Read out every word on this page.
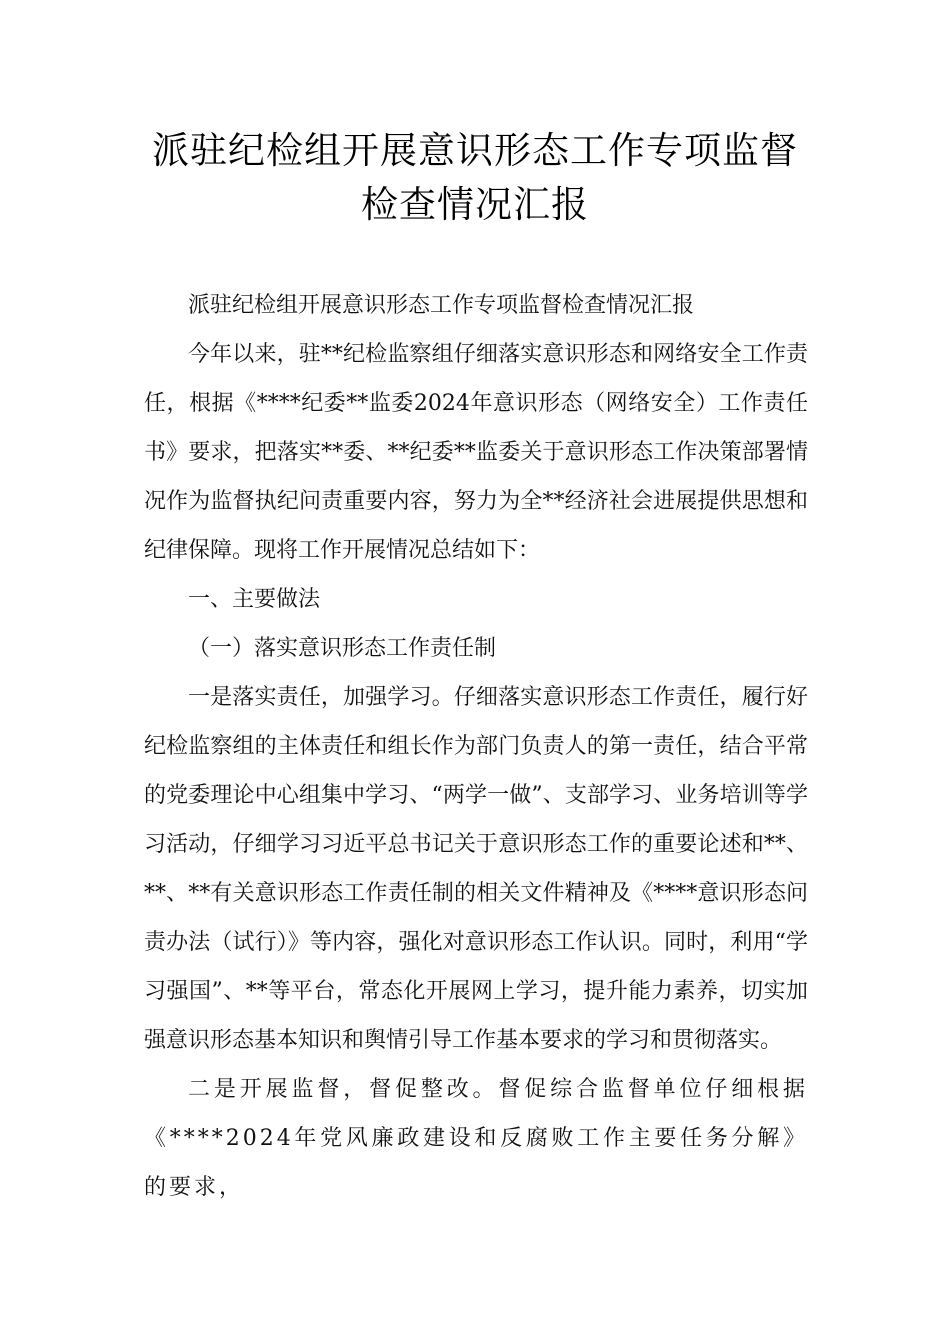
派驻纪检组开展意识形态工作专项监督
检查情况汇报

派驻纪检组开展意识形态工作专项监督检查情况汇报

今年以来，驻**纪检监察组仔细落实意识形态和网络安全工作责任，根据《****纪委**监委2024年意识形态（网络安全）工作责任书》要求，把落实**委、**纪委**监委关于意识形态工作决策部署情况作为监督执纪问责重要内容，努力为全**经济社会进展提供思想和纪律保障。现将工作开展情况总结如下：

一、主要做法

（一）落实意识形态工作责任制

一是落实责任，加强学习。仔细落实意识形态工作责任，履行好纪检监察组的主体责任和组长作为部门负责人的第一责任，结合平常的党委理论中心组集中学习、“两学一做”、支部学习、业务培训等学习活动，仔细学习习近平总书记关于意识形态工作的重要论述和**、**、**有关意识形态工作责任制的相关文件精神及《****意识形态问责办法（试行）》等内容，强化对意识形态工作认识。同时，利用“学习强国”、**等平台，常态化开展网上学习，提升能力素养，切实加强意识形态基本知识和舆情引导工作基本要求的学习和贯彻落实。

二是开展监督，督促整改。督促综合监督单位仔细根据《****2024年党风廉政建设和反腐败工作主要任务分解》的要求，
